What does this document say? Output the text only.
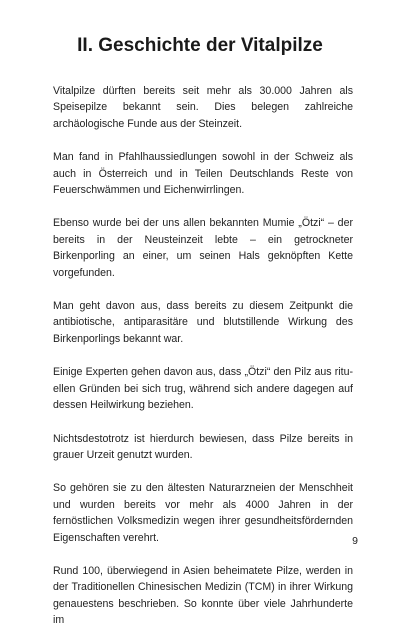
II. Geschichte der Vitalpilze

Vitalpilze dürften bereits seit mehr als 30.000 Jahren als Speisepilze bekannt sein. Dies belegen zahlreiche archäologische Funde aus der Steinzeit.

Man fand in Pfahlhaussiedlungen sowohl in der Schweiz als auch in Österreich und in Teilen Deutschlands Reste von Feuerschwämmen und Eichenwirrlingen.

Ebenso wurde bei der uns allen bekannten Mumie „Ötzi“ – der bereits in der Neusteinzeit lebte – ein getrockneter Birkenporling an einer, um seinen Hals geknöpften Kette vorgefunden.

Man geht davon aus, dass bereits zu diesem Zeitpunkt die antibiotische, antiparasitäre und blutstillende Wirkung des Birkenporlings bekannt war.

Einige Experten gehen davon aus, dass „Ötzi“ den Pilz aus rituellen Gründen bei sich trug, während sich andere dagegen auf dessen Heilwirkung beziehen.

Nichtsdestotrotz ist hierdurch bewiesen, dass Pilze bereits in grauer Urzeit genutzt wurden.

So gehören sie zu den ältesten Naturarzneien der Menschheit und wurden bereits vor mehr als 4000 Jahren in der fernöstlichen Volksmedizin wegen ihrer gesundheitsfördernden Eigenschaften verehrt.

Rund 100, überwiegend in Asien beheimatete Pilze, werden in der Traditionellen Chinesischen Medizin (TCM) in ihrer Wirkung genauestens beschrieben. So konnte über viele Jahrhunderte im

9
